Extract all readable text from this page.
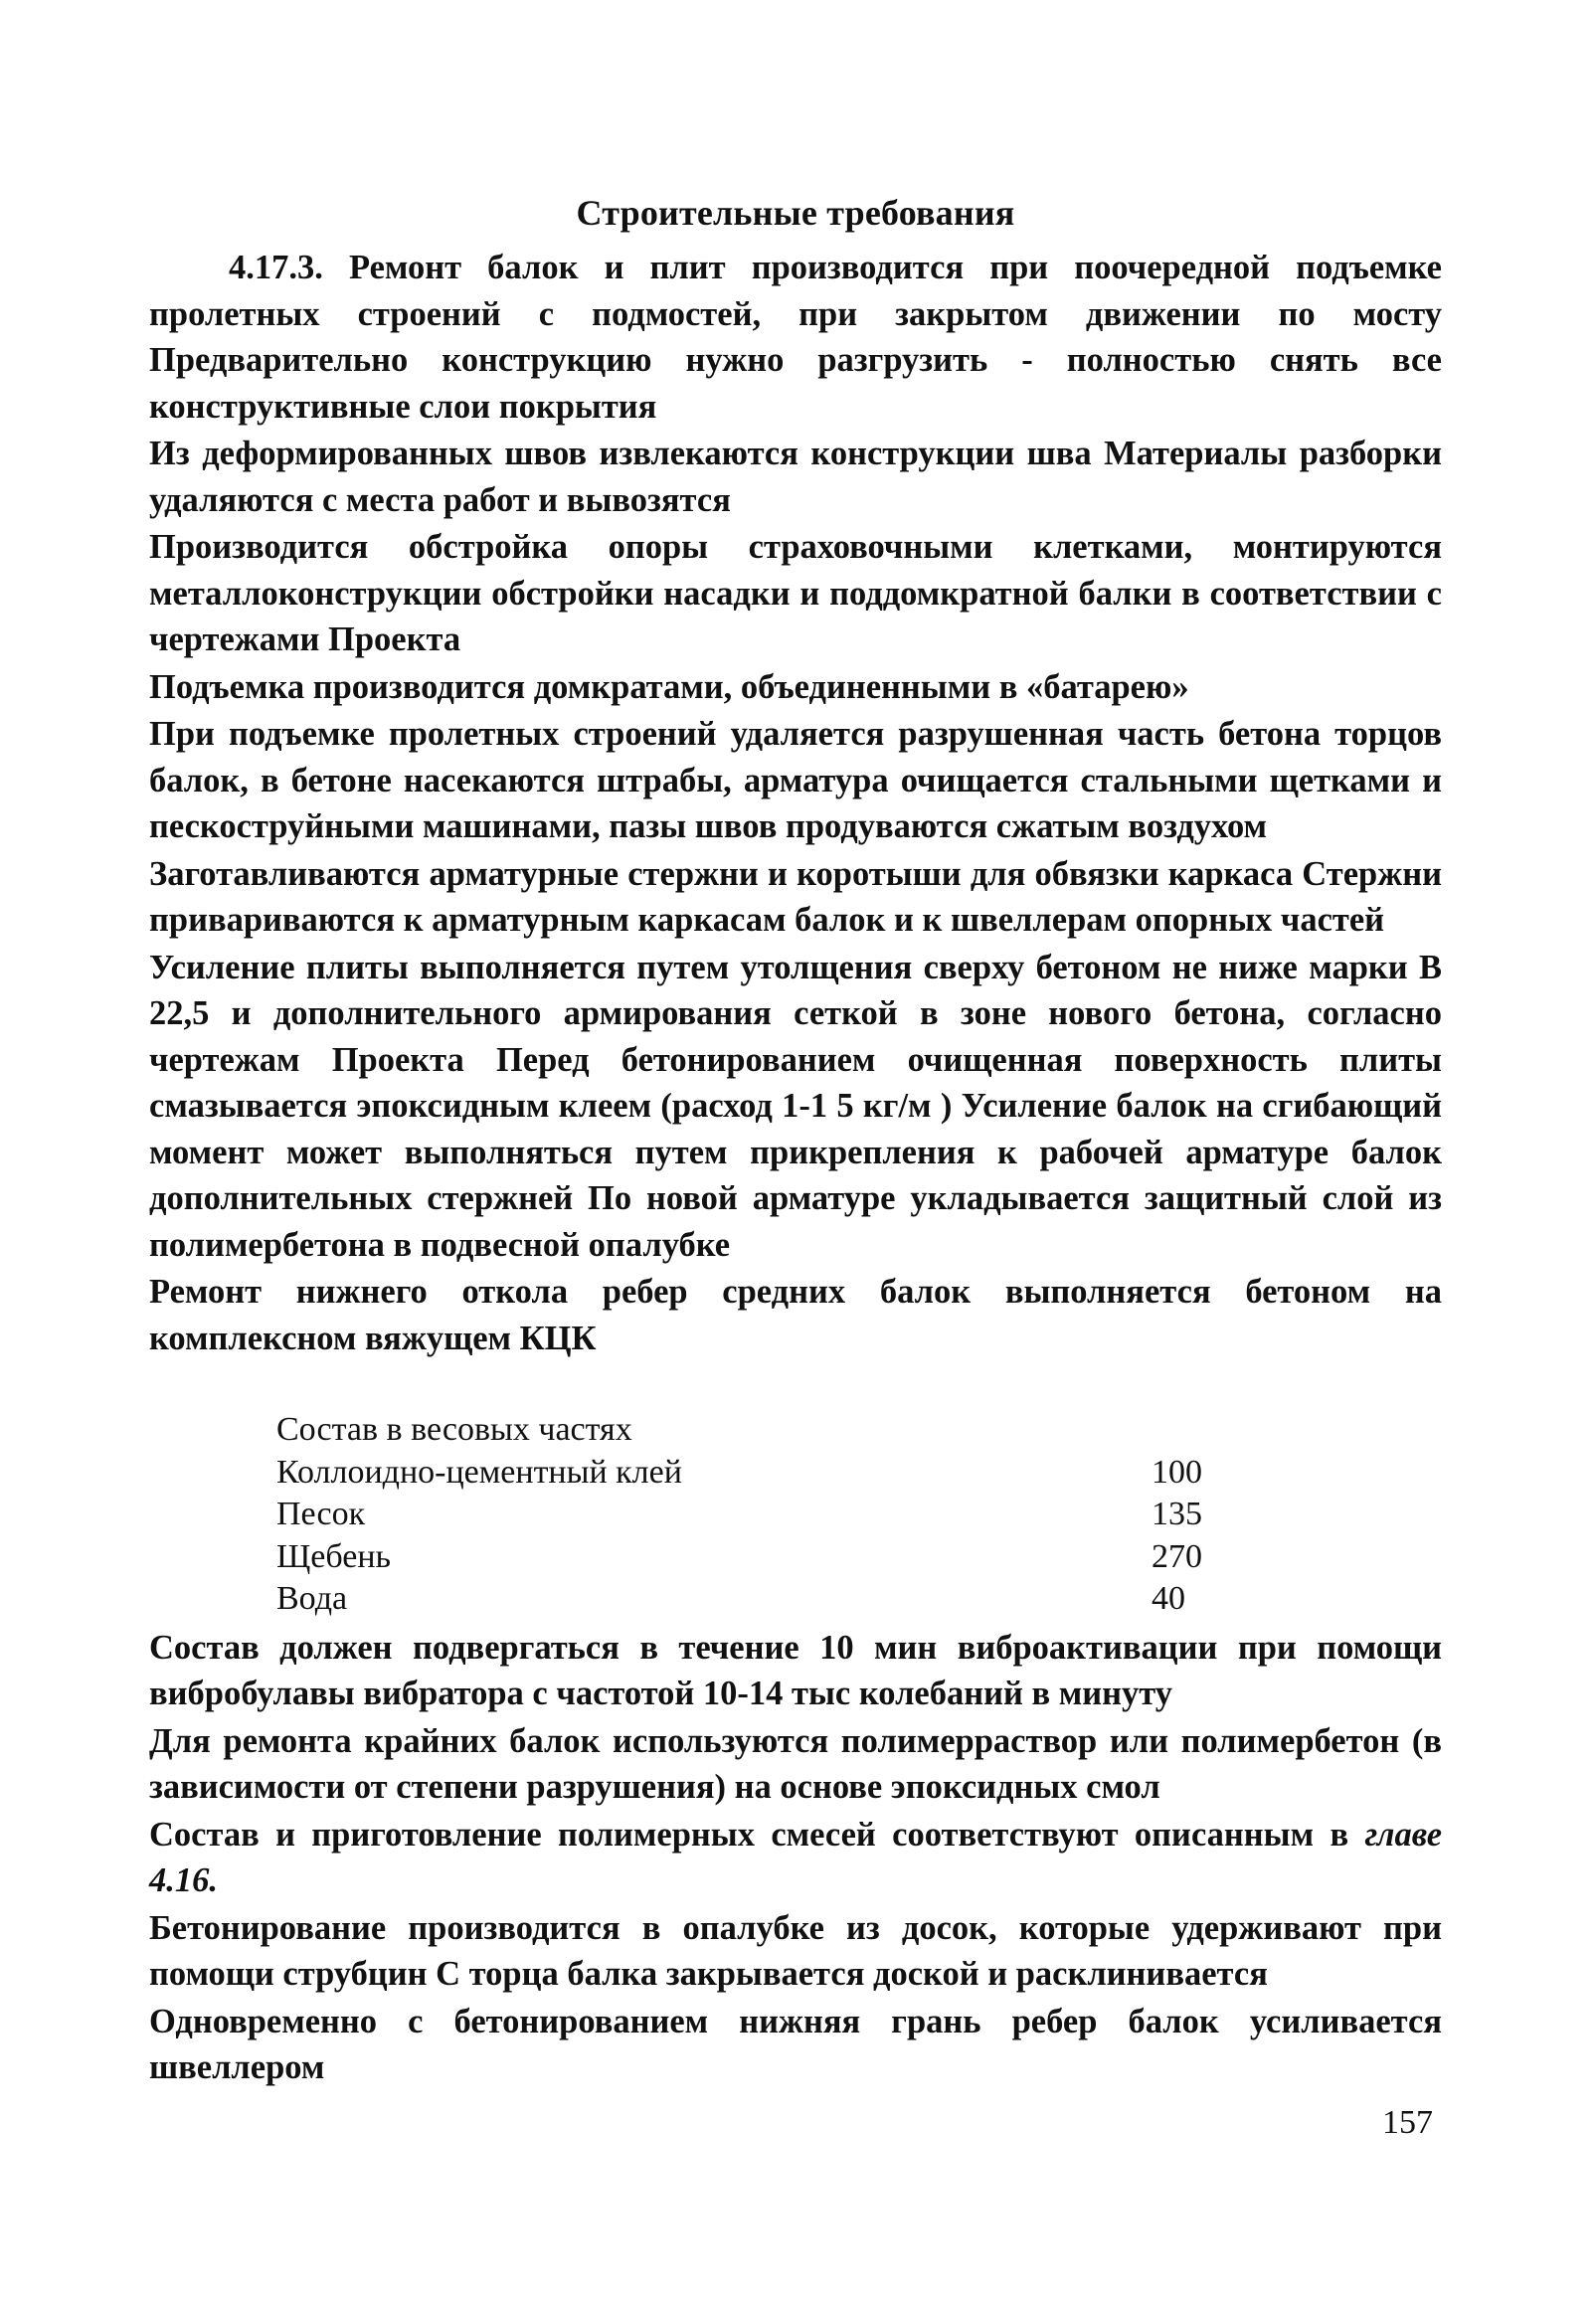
Строительные требования

4.17.3. Ремонт балок и плит производится при поочередной подъемке пролетных строений с подмостей, при закрытом движении по мосту Предварительно конструкцию нужно разгрузить - полностью снять все конструктивные слои покрытия

Из деформированных швов извлекаются конструкции шва Материалы разборки удаляются с места работ и вывозятся

Производится обстройка опоры страховочными клетками, монтируются металлоконструкции обстройки насадки и поддомкратной балки в соответствии с чертежами Проекта

Подъемка производится домкратами, объединенными в «батарею»

При подъемке пролетных строений удаляется разрушенная часть бетона торцов балок, в бетоне насекаются штрабы, арматура очищается стальными щетками и пескоструйными машинами, пазы швов продуваются сжатым воздухом

Заготавливаются арматурные стержни и коротыши для обвязки каркаса Стержни привариваются к арматурным каркасам балок и к швеллерам опорных частей

Усиление плиты выполняется путем утолщения сверху бетоном не ниже марки В 22,5 и дополнительного армирования сеткой в зоне нового бетона, согласно чертежам Проекта Перед бетонированием очищенная поверхность плиты смазывается эпоксидным клеем (расход 1-1 5 кг/м ) Усиление балок на сгибающий момент может выполняться путем прикрепления к рабочей арматуре балок дополнительных стержней По новой арматуре укладывается защитный слой из полимербетона в подвесной опалубке

Ремонт нижнего откола ребер средних балок выполняется бетоном на комплексном вяжущем КЦК

Состав в весовых частях
Коллоидно-цементный клей	100
Песок	135
Щебень	270
Вода	40

Состав должен подвергаться в течение 10 мин виброактивации при помощи вибробулавы вибратора с частотой 10-14 тыс колебаний в минуту

Для ремонта крайних балок используются полимерраствор или полимербетон (в зависимости от степени разрушения) на основе эпоксидных смол

Состав и приготовление полимерных смесей соответствуют описанным в главе 4.16.

Бетонирование производится в опалубке из досок, которые удерживают при помощи струбцин С торца балка закрывается доской и расклинивается

Одновременно с бетонированием нижняя грань ребер балок усиливается швеллером

157
